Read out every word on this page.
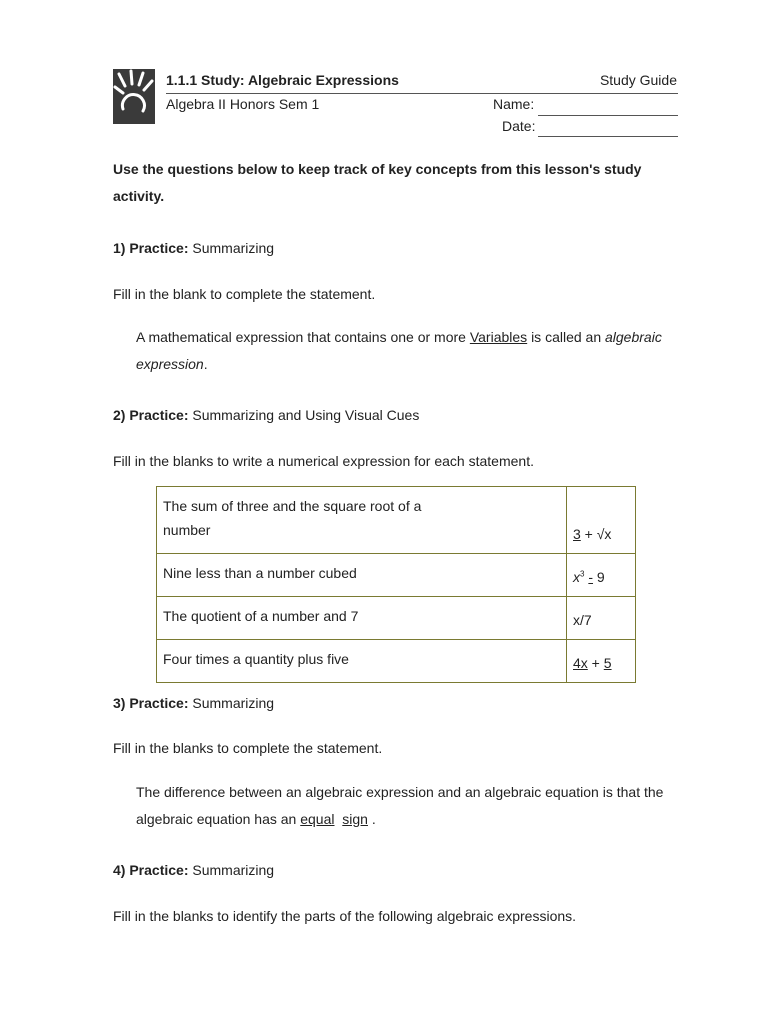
1.1.1 Study: Algebraic Expressions	Study Guide
Algebra II Honors Sem 1	Name:
Date:
Use the questions below to keep track of key concepts from this lesson's study activity.
1) Practice: Summarizing
Fill in the blank to complete the statement.
A mathematical expression that contains one or more Variables is called an algebraic expression.
2) Practice: Summarizing and Using Visual Cues
Fill in the blanks to write a numerical expression for each statement.
The sum of three and the square root of a
number	3 + √x
Nine less than a number cubed	$x^3 - 9$
The quotient of a number and 7	x/7
Four times a quantity plus five	4x + 5
3) Practice: Summarizing
Fill in the blanks to complete the statement.
The difference between an algebraic expression and an algebraic equation is that the algebraic equation has an equal sign .
4) Practice: Summarizing
Fill in the blanks to identify the parts of the following algebraic expressions.
